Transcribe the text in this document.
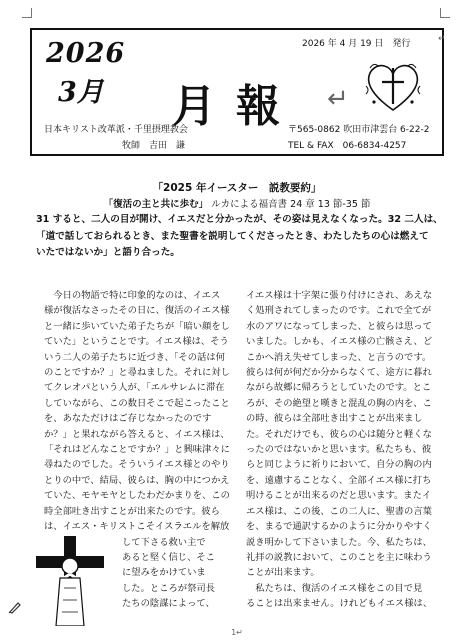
2026
3月
2026 年 4 月 19 日　発行	↵
月報 ↵
日本キリスト改革派・千里摂理教会
牧師　吉田　謙
〒565-0862 吹田市津雲台 6-22-2
TEL & FAX　06-6834-4257
「2025 年イースター　説教要約」
「復活の主と共に歩む」 ルカによる福音書 24 章 13 節-35 節

31 すると、二人の目が開け、イエスだと分かったが、その姿は見えなくなった。32 二人は、

「道で話しておられるとき、また聖書を説明してくださったとき、わたしたちの心は燃えて

いたではないか」と語り合った。

　今日の物語で特に印象的なのは、イエス

様が復活なさったその日に、復活のイエス様

と一緒に歩いていた弟子たちが「暗い顔をし

ていた」ということです。イエス様は、そう

いう二人の弟子たちに近づき、「その話は何

のことですか？」と尋ねました。それに対し

てクレオパという人が、「エルサレムに滞在

していながら、この数日そこで起こったこと

を、あなただけはご存じなかったのです

か？」と果れながら答えると、イエス様は、

「それはどんなことですか？」と興味津々に

尋ねたのでした。そういうイエス様とのやり

とりの中で、結局、彼らは、胸の中につかえ

ていた、モヤモヤとしたわだかまりを、この

時全部吐き出すことが出来たのです。彼ら

は、イエス・キリストこそイスラエルを解放

して下さる救い主で

あると堅く信じ、そこ

に望みをかけていま

した。ところが祭司長

たちの陰謀によって、

イエス様は十字架に張り付けにされ、あえな

く処刑されてしまったのです。これで全てが

水のアワになってしまった、と彼らは思って

いました。しかも、イエス様の亡骸さえ、ど

こかへ消え失せてしまった、と言うのです。

彼らは何が何だか分からなくて、途方に暮れ

ながら故郷に帰ろうとしていたのです。とこ

ろが、その絶望と嘆きと混乱の胸の内を、こ

の時、彼らは全部吐き出すことが出来まし

た。それだけでも、彼らの心は随分と軽くな

ったのではないかと思います。私たちも、彼

らと同じように祈りにおいて、自分の胸の内

を、遠慮することなく、全部イエス様に打ち

明けることが出来るのだと思います。またイ

エス様は、この後、この二人に、聖書の言葉

を、まるで通訳するかのように分かりやすく

説き明かして下さいました。今、私たちは、

礼拝の説教において、このことを主に味わう

ことが出来ます。

　私たちは、復活のイエス様をこの目で見

ることは出来ません。けれどもイエス様は、

1↵
